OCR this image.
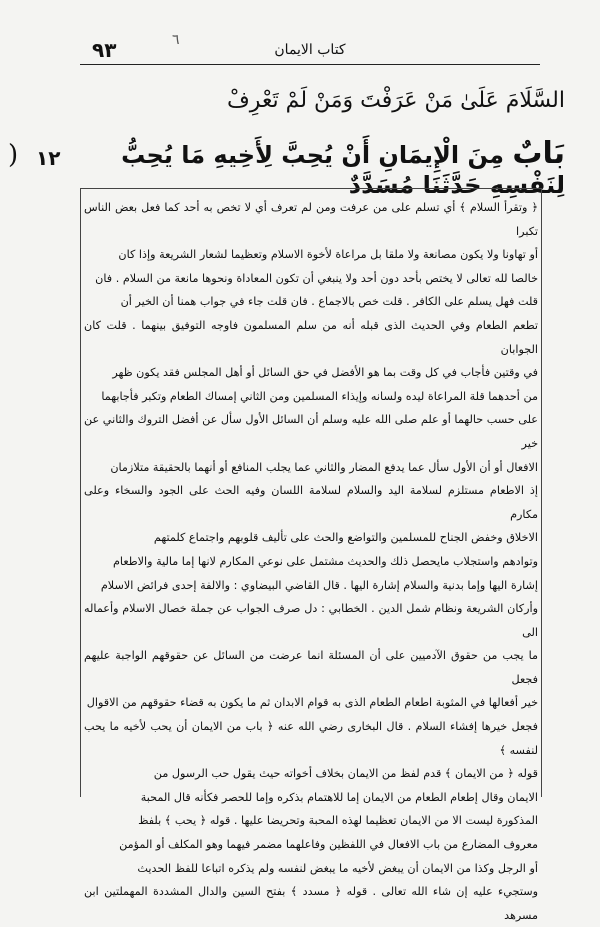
٩٣	٦
كتاب الايمان
السَّلَامَ عَلَىٰ مَنْ عَرَفْتَ وَمَنْ لَمْ تَعْرِفْ
بَابٌ مِنَ الْإِيمَانِ أَنْ يُحِبَّ لِأَخِيهِ مَا يُحِبُّ لِنَفْسِهِ حَدَّثَنَا مُسَدَّدٌ
١٢
)

﴿ وتقرأ السلام ﴾ أي تسلم على من عرفت ومن لم تعرف أي لا تخص به أحد كما فعل بعض الناس تكبرا

أو تهاونا ولا يكون مصانعة ولا ملقا بل مراعاة لأخوة الاسلام وتعظيما لشعار الشريعة وإذا كان

خالصا لله تعالى لا يختص بأحد دون أحد ولا ينبغي أن تكون المعاداة ونحوها مانعة من السلام . فان

قلت فهل يسلم على الكافر . قلت خص بالاجماع . فان قلت جاء في جواب همنا أن الخير أن

تطعم الطعام وفي الحديث الذى قبله أنه من سلم المسلمون فاوجه التوفيق بينهما . قلت كان الجوابان

في وقتين فأجاب في كل وقت بما هو الأفضل في حق السائل أو أهل المجلس فقد يكون ظهر

من أحدهما قلة المراعاة ليده ولسانه وإيذاء المسلمين ومن الثاني إمساك الطعام وتكبر فأجابهما

على حسب حالهما أو علم صلى الله عليه وسلم أن السائل الأول سأل عن أفضل التروك والثاني عن خير

الافعال أو أن الأول سأل عما يدفع المضار والثاني عما يجلب المنافع أو أنهما بالحقيقة متلازمان

إذ الاطعام مستلزم لسلامة اليد والسلام لسلامة اللسان وفيه الحث على الجود والسخاء وعلى مكارم

الاخلاق وخفض الجناح للمسلمين والتواضع والحث على تأليف قلوبهم واجتماع كلمتهم

وتوادهم واستجلاب مايحصل ذلك والحديث مشتمل على نوعي المكارم لانها إما مالية والاطعام

إشارة اليها وإما بدنية والسلام إشارة اليها . قال القاضي البيضاوي : والالفة إحدى فرائض الاسلام

وأركان الشريعة ونظام شمل الدين . الخطابي : دل صرف الجواب عن جملة خصال الاسلام وأعماله الى

ما يجب من حقوق الآدميين على أن المسئلة انما عرضت من السائل عن حقوقهم الواجبة عليهم فجعل

خير أفعالها في المثوبة اطعام الطعام الذى به قوام الابدان ثم ما يكون به قضاء حقوقهم من الاقوال

فجعل خيرها إفشاء السلام . قال البخارى رضي الله عنه ﴿ باب من الايمان أن يحب لأخيه ما يحب لنفسه ﴾

قوله ﴿ من الايمان ﴾ قدم لفظ من الايمان بخلاف أخواته حيث يقول حب الرسول من

الايمان وقال إطعام الطعام من الايمان إما للاهتمام بذكره وإما للحصر فكأنه قال المحبة

المذكورة ليست الا من الايمان تعظيما لهذه المحبة وتحريضا عليها . قوله ﴿ يحب ﴾ بلفظ

معروف المضارع من باب الافعال في اللفظين وفاعلهما مضمر فيهما وهو المكلف أو المؤمن

أو الرجل وكذا من الايمان أن يبغض لأخيه ما يبغض لنفسه ولم يذكره اتباعا للفظ الحديث

وستجيء عليه إن شاء الله تعالى . قوله ﴿ مسدد ﴾ بفتح السين والدال المشددة المهملتين ابن مسرهد
